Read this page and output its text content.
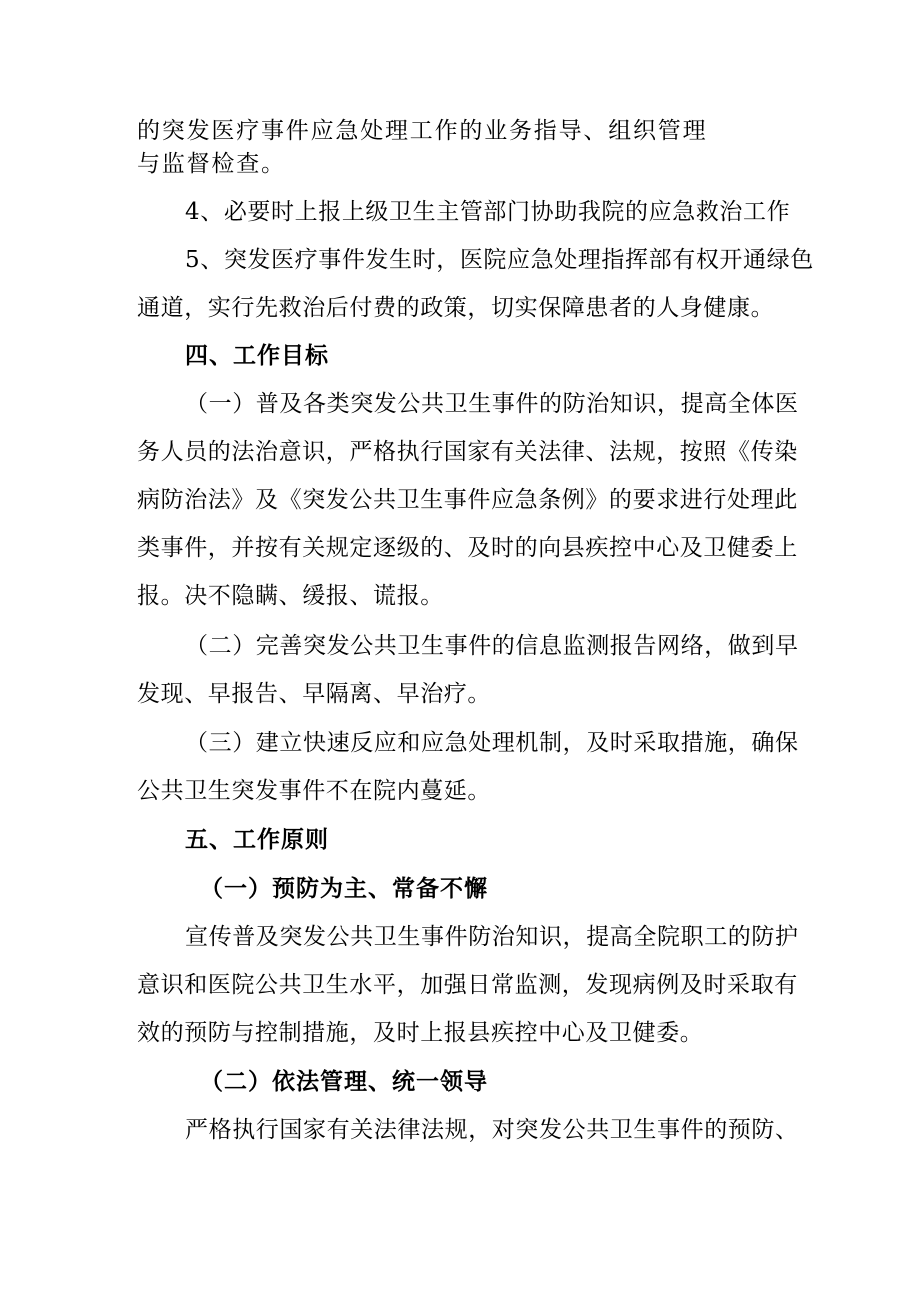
的突发医疗事件应急处理工作的业务指导、组织管理
与监督检查。
4、必要时上报上级卫生主管部门协助我院的应急救治工作
5、突发医疗事件发生时，医院应急处理指挥部有权开通绿色
通道，实行先救治后付费的政策，切实保障患者的人身健康。
四、工作目标
（一）普及各类突发公共卫生事件的防治知识，提高全体医
务人员的法治意识，严格执行国家有关法律、法规，按照《传染
病防治法》及《突发公共卫生事件应急条例》的要求进行处理此
类事件，并按有关规定逐级的、及时的向县疾控中心及卫健委上
报。决不隐瞒、缓报、谎报。
（二）完善突发公共卫生事件的信息监测报告网络，做到早
发现、早报告、早隔离、早治疗。
（三）建立快速反应和应急处理机制，及时采取措施，确保
公共卫生突发事件不在院内蔓延。
五、工作原则
（一）预防为主、常备不懈
宣传普及突发公共卫生事件防治知识，提高全院职工的防护
意识和医院公共卫生水平，加强日常监测，发现病例及时采取有
效的预防与控制措施，及时上报县疾控中心及卫健委。
（二）依法管理、统一领导
严格执行国家有关法律法规，对突发公共卫生事件的预防、
